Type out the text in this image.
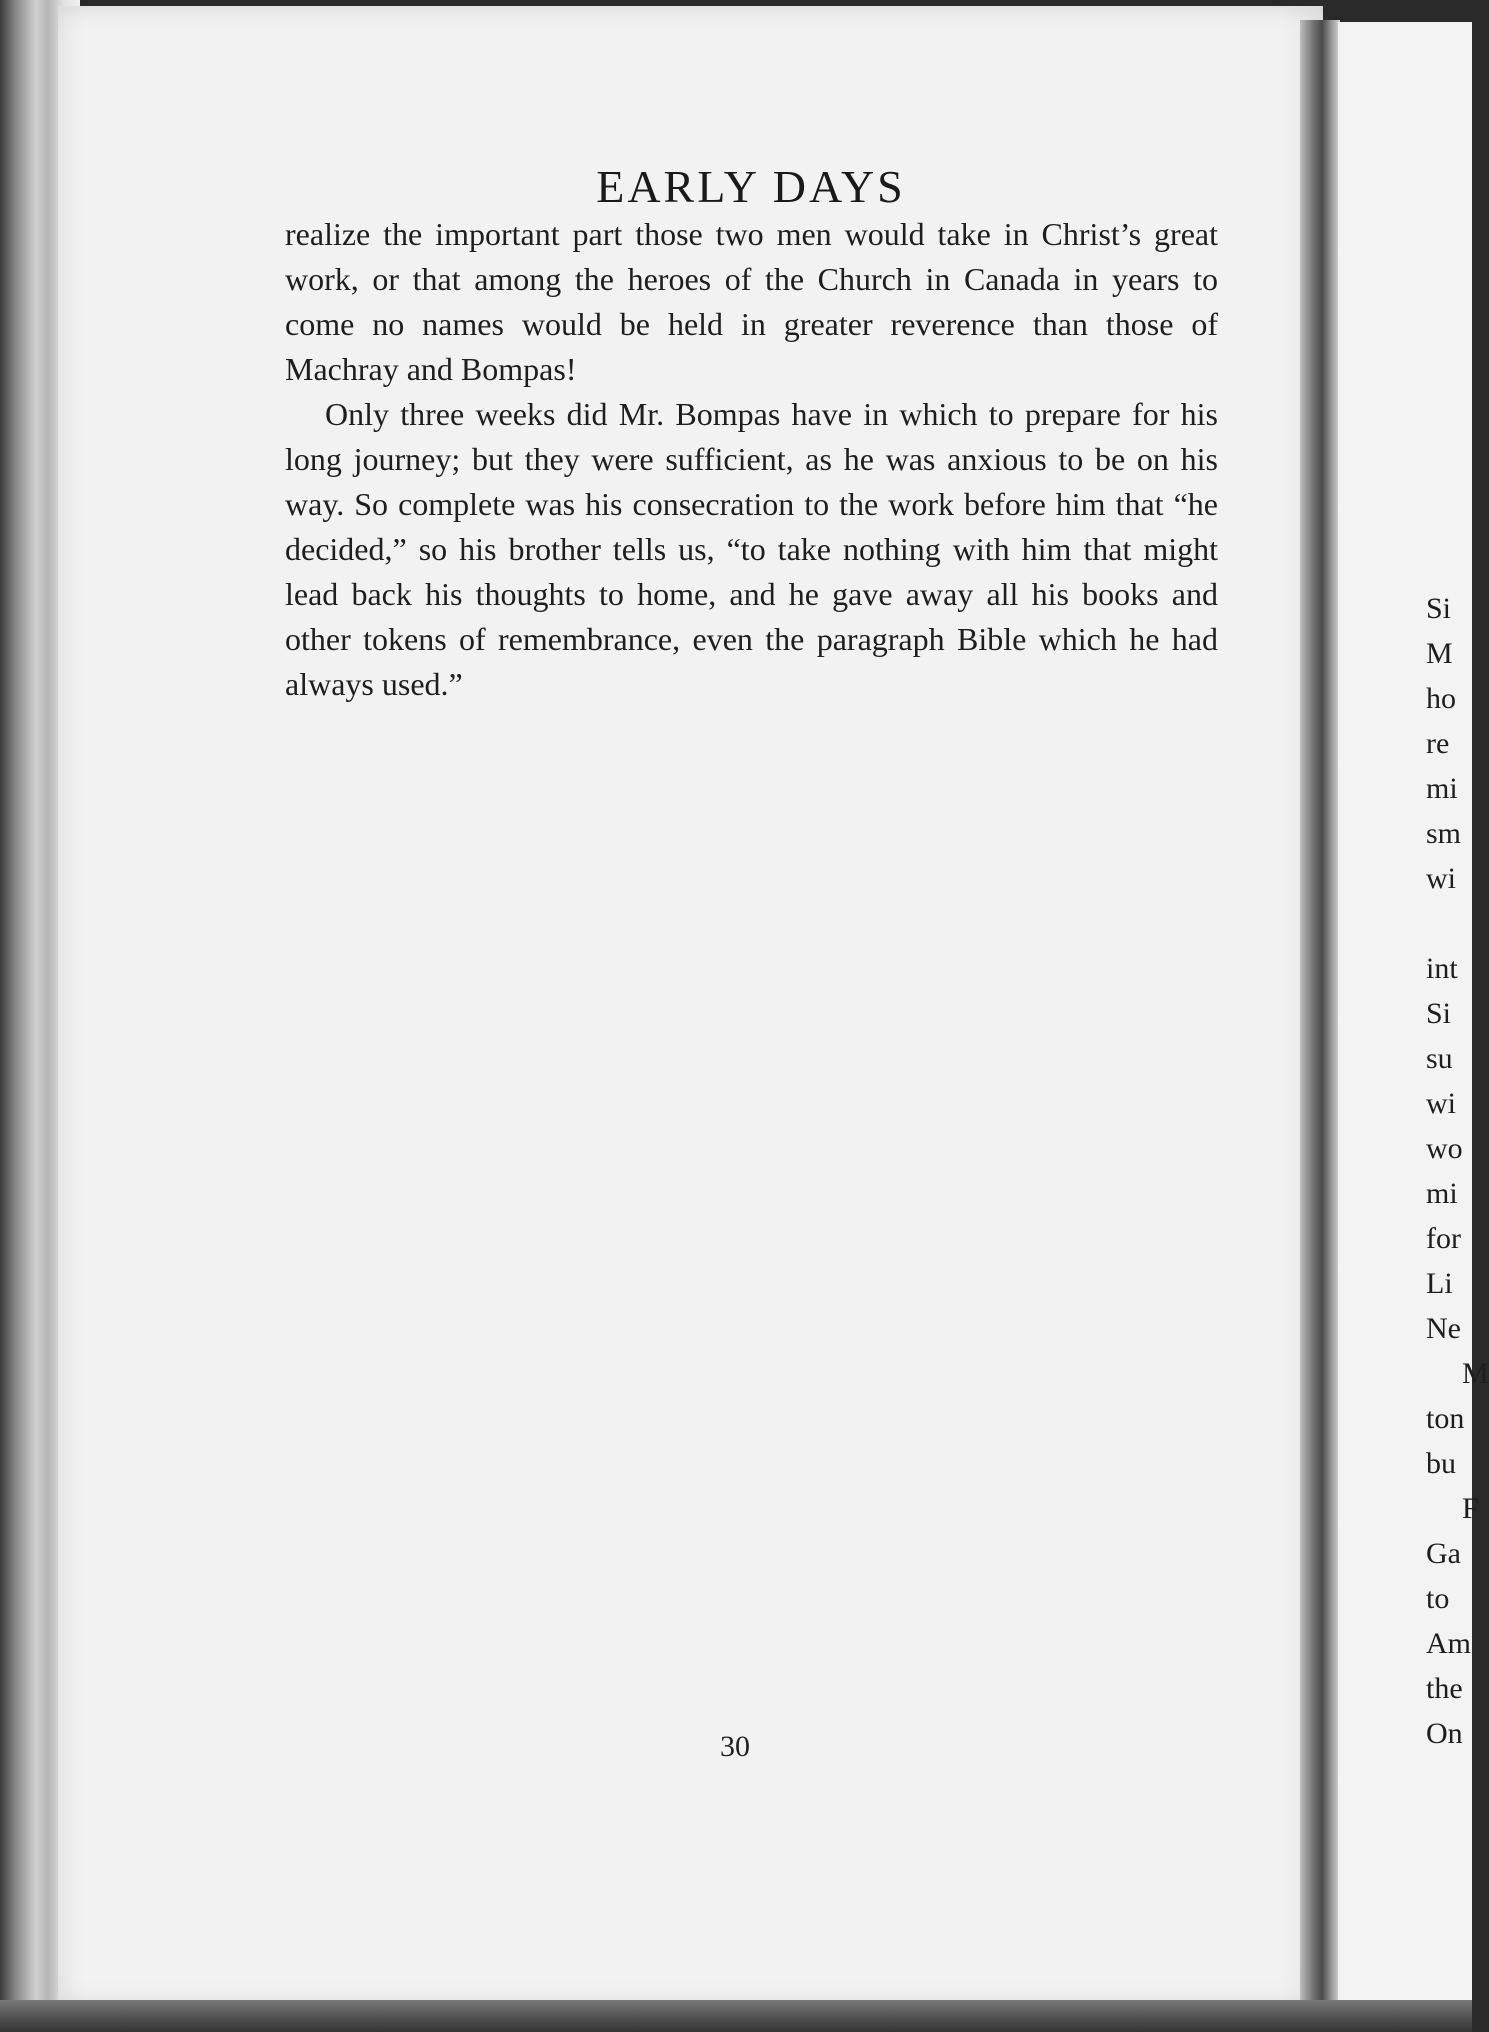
EARLY DAYS

realize the important part those two men would take in Christ’s great work, or that among the heroes of the Church in Canada in years to come no names would be held in greater reverence than those of Machray and Bompas!

Only three weeks did Mr. Bompas have in which to prepare for his long journey; but they were sufficient, as he was anxious to be on his way. So complete was his consecration to the work before him that “he decided,” so his brother tells us, “to take nothing with him that might lead back his thoughts to home, and he gave away all his books and other tokens of remembrance, even the paragraph Bible which he had always used.”

30
Si
M
ho
re
mi
sm
wi
int
Si
su
wi
wo
mi
for
Li
Ne
M
ton
bu
F
Ga
to
Am
the
On
